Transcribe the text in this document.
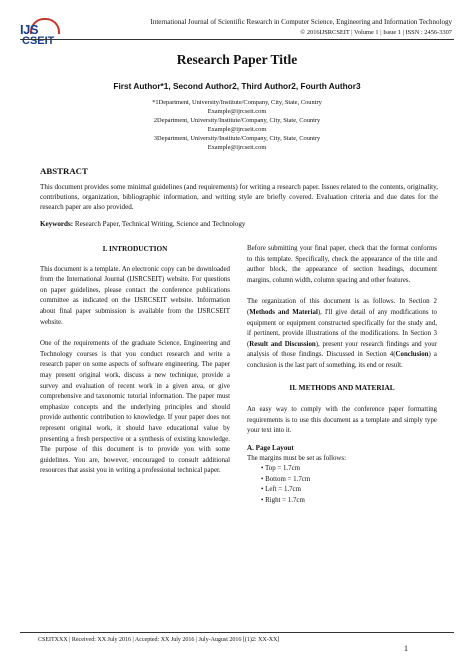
IJS
CSEIT
International Journal of Scientific Research in Computer Science, Engineering and Information Technology
© 2016IJSRCSEIT | Volume 1 | Issue 1 | ISSN : 2456-3307
Research Paper Title
First Author*1, Second Author2, Third Author2, Fourth Author3
*1Department, University/Institute/Company, City, State, Country
Example@ijrcseit.com
2Department, University/Institute/Company, City, State, Country
Example@ijrcseit.com
3Department, University/Institute/Company, City, State, Country
Example@ijrcseit.com
ABSTRACT
This document provides some minimal guidelines (and requirements) for writing a research paper. Issues related to the contents, originality, contributions, organization, bibliographic information, and writing style are briefly covered. Evaluation criteria and due dates for the research paper are also provided.
Keywords: Research Paper, Technical Writing, Science and Technology
I. INTRODUCTION

This document is a template. An electronic copy can be downloaded from the International Journal (IJSRCSEIT) website. For questions on paper guidelines, please contact the conference publications committee as indicated on the IJSRCSEIT website. Information about final paper submission is available from the IJSRCSEIT website.

One of the requirements of the graduate Science, Engineering and Technology courses is that you conduct research and write a research paper on some aspects of software engineering. The paper may present original work, discuss a new technique, provide a survey and evaluation of recent work in a given area, or give comprehensive and taxonomic tutorial information. The paper must emphasize concepts and the underlying principles and should provide authentic contribution to knowledge. If your paper does not represent original work, it should have educational value by presenting a fresh perspective or a synthesis of existing knowledge. The purpose of this document is to provide you with some guidelines. You are, however, encouraged to consult additional resources that assist you in writing a professional technical paper.

Before submitting your final paper, check that the format conforms to this template. Specifically, check the appearance of the title and author block, the appearance of section headings, document margins, column width, column spacing and other features.

The organization of this document is as follows. In Section 2 (Methods and Material), I'll give detail of any modifications to equipment or equipment constructed specifically for the study and, if pertinent, provide illustrations of the modifications. In Section 3 (Result and Discussion), present your research findings and your analysis of those findings. Discussed in Section 4(Conclusion) a conclusion is the last part of something, its end or result.

II. METHODS AND MATERIAL

An easy way to comply with the conference paper formatting requirements is to use this document as a template and simply type your text into it.

A. Page Layout
The margins must be set as follows:
• Top = 1.7cm
• Bottom = 1.7cm
• Left = 1.7cm
• Right = 1.7cm
CSEITXXX | Received: XX July 2016 | Accepted: XX July 2016 | July-August 2016 [(1)2: XX-XX]
1
